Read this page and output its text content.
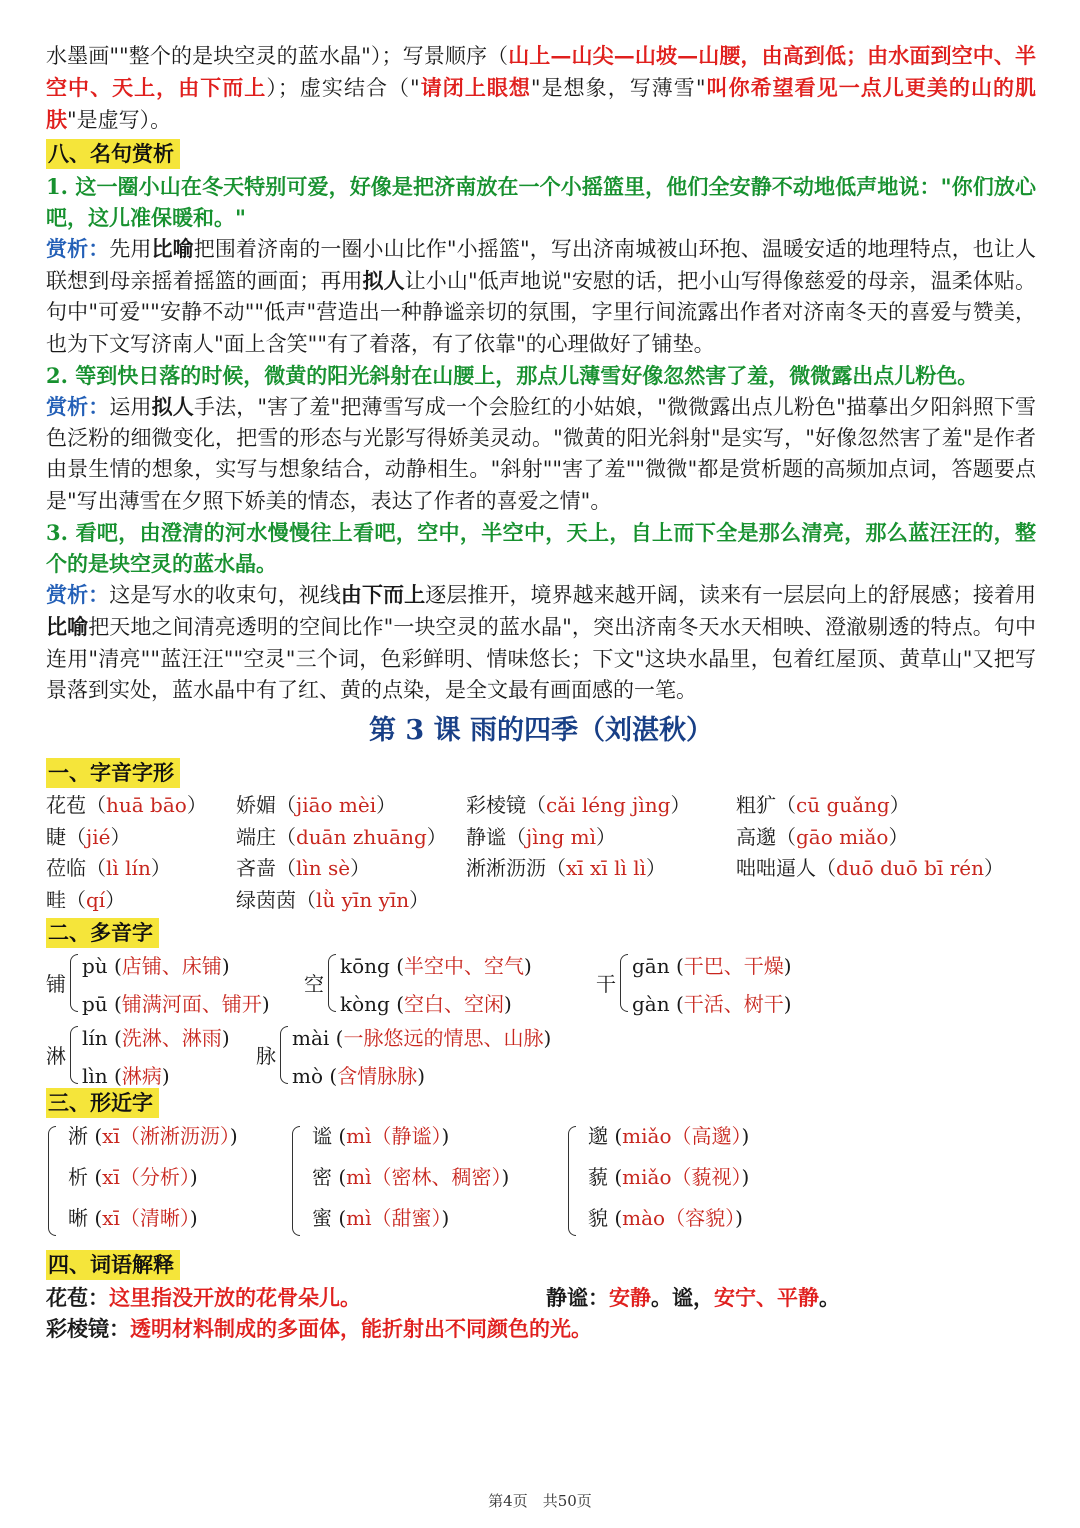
水墨画""整个的是块空灵的蓝水晶"）；写景顺序（山上—山尖—山坡—山腰，由高到低；由水面到空中、半空中、天上，由下而上）；虚实结合（"请闭上眼想"是想象，写薄雪"叫你希望看见一点儿更美的山的肌肤"是虚写）。

八、名句赏析

1. 这一圈小山在冬天特别可爱，好像是把济南放在一个小摇篮里，他们全安静不动地低声地说："你们放心吧，这儿准保暖和。"

赏析：先用比喻把围着济南的一圈小山比作"小摇篮"，写出济南城被山环抱、温暖安适的地理特点，也让人联想到母亲摇着摇篮的画面；再用拟人让小山"低声地说"安慰的话，把小山写得像慈爱的母亲，温柔体贴。句中"可爱""安静不动""低声"营造出一种静谧亲切的氛围，字里行间流露出作者对济南冬天的喜爱与赞美，也为下文写济南人"面上含笑""有了着落，有了依靠"的心理做好了铺垫。

2. 等到快日落的时候，微黄的阳光斜射在山腰上，那点儿薄雪好像忽然害了羞，微微露出点儿粉色。

赏析：运用拟人手法，"害了羞"把薄雪写成一个会脸红的小姑娘，"微微露出点儿粉色"描摹出夕阳斜照下雪色泛粉的细微变化，把雪的形态与光影写得娇美灵动。"微黄的阳光斜射"是实写，"好像忽然害了羞"是作者由景生情的想象，实写与想象结合，动静相生。"斜射""害了羞""微微"都是赏析题的高频加点词，答题要点是"写出薄雪在夕照下娇美的情态，表达了作者的喜爱之情"。

3. 看吧，由澄清的河水慢慢往上看吧，空中，半空中，天上，自上而下全是那么清亮，那么蓝汪汪的，整个的是块空灵的蓝水晶。

赏析：这是写水的收束句，视线由下而上逐层推开，境界越来越开阔，读来有一层层向上的舒展感；接着用比喻把天地之间清亮透明的空间比作"一块空灵的蓝水晶"，突出济南冬天水天相映、澄澈剔透的特点。句中连用"清亮""蓝汪汪""空灵"三个词，色彩鲜明、情味悠长；下文"这块水晶里，包着红屋顶、黄草山"又把写景落到实处，蓝水晶中有了红、黄的点染，是全文最有画面感的一笔。

第 3 课 雨的四季（刘湛秋）
一、字音字形
花苞（huā bāo）	娇媚（jiāo mèi）	彩棱镜（cǎi léng jìng）	粗犷（cū guǎng）
睫（jié）	端庄（duān zhuāng） 静谧（jìng mì）	高邈（gāo miǎo）
莅临（lì lín）	吝啬（lìn sè）	淅淅沥沥（xī xī lì lì）	咄咄逼人（duō duō bī rén）
畦（qí）	绿茵茵（lǜ yīn yīn）
二、多音字
铺
pù (店铺、床铺)
pū (铺满河面、铺开)
空
kōng (半空中、空气)
kòng (空白、空闲)
干
gān (干巴、干燥)
gàn (干活、树干)
淋
lín (洗淋、淋雨)
lìn (淋病)
脉
mài (一脉悠远的情思、山脉)
mò (含情脉脉)
三、形近字
淅 (xī（淅淅沥沥）)
析 (xī（分析）)
晰 (xī（清晰）)
谧 (mì（静谧）)
密 (mì（密林、稠密）)
蜜 (mì（甜蜜）)
邈 (miǎo（高邈）)
藐 (miǎo（藐视）)
貌 (mào（容貌）)
四、词语解释
花苞：这里指没开放的花骨朵儿。	静谧：安静。谧，安宁、平静。
彩棱镜：透明材料制成的多面体，能折射出不同颜色的光。
第4页　共50页
